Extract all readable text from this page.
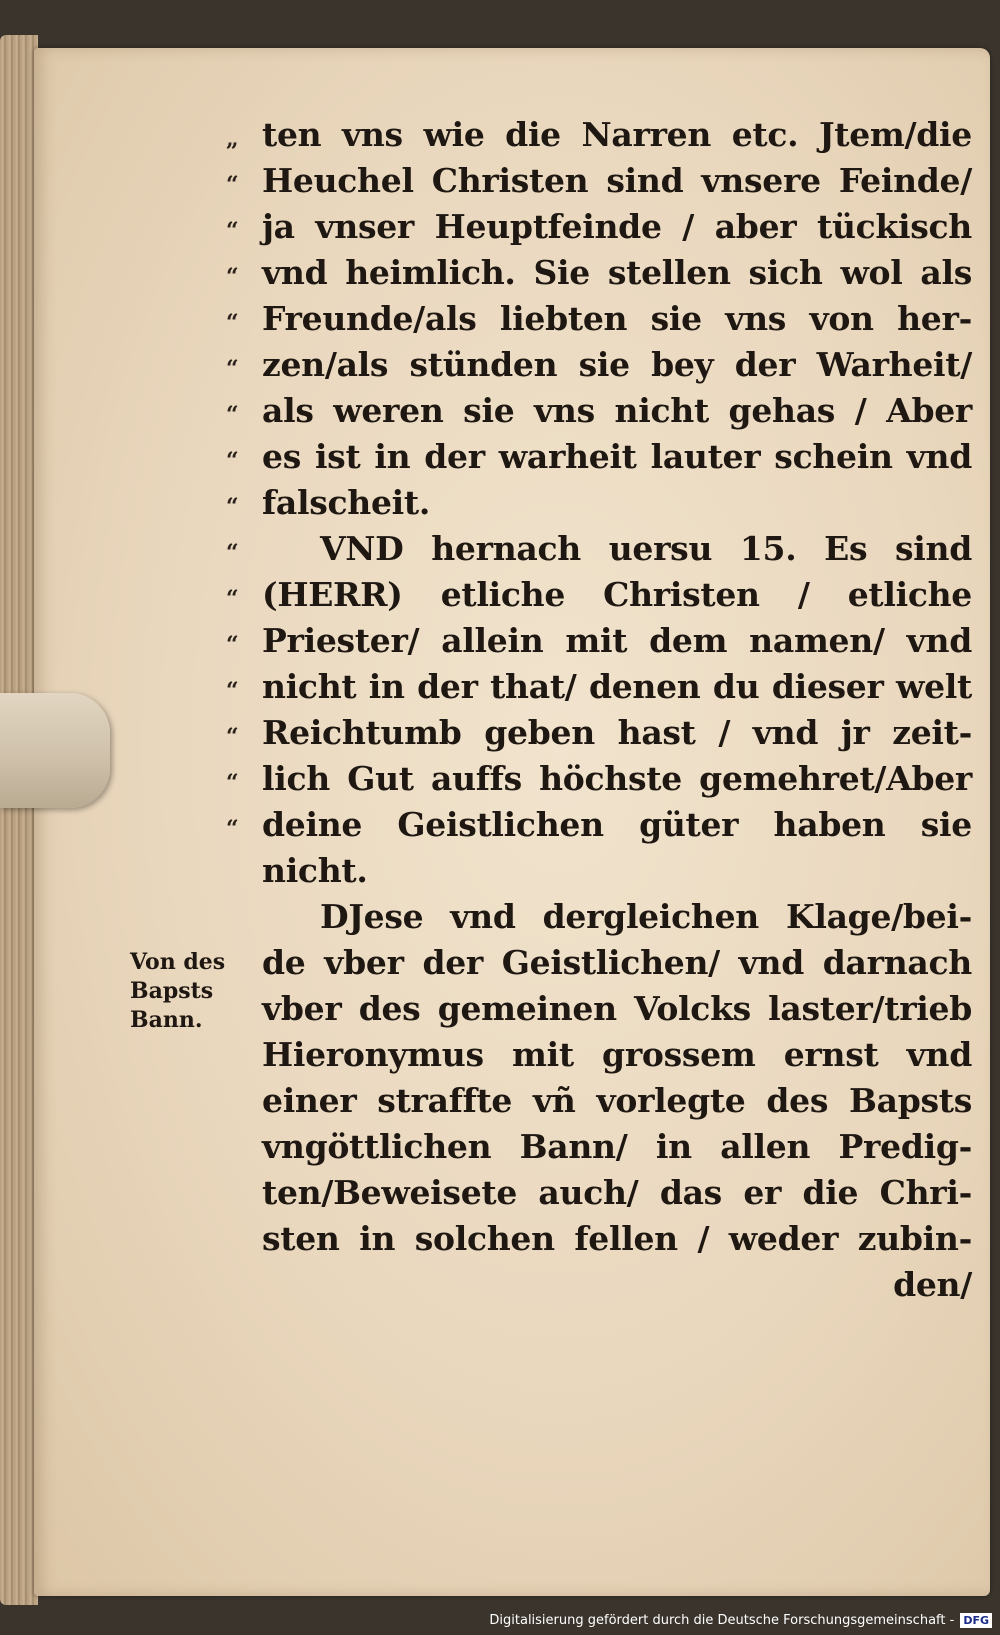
Von des
Bapsts
Bann.
„ ten vns wie die Narren etc. Jtem/die
“ Heuchel Christen sind vnsere Feinde/
“ ja vnser Heuptfeinde / aber tückisch
“ vnd heimlich. Sie stellen sich wol als
“ Freunde/als liebten sie vns von her-
“ zen/als stünden sie bey der Warheit/
“ als weren sie vns nicht gehas / Aber
“ es ist in der warheit lauter schein vnd
“ falscheit.
“	VND hernach uersu 15. Es sind
“ (HERR) etliche Christen / etliche
“ Priester/ allein mit dem namen/ vnd
“ nicht in der that/ denen du dieser welt
“ Reichtumb geben hast / vnd jr zeit-
“ lich Gut auffs höchste gemehret/Aber
“ deine Geistlichen güter haben sie
nicht.
DJese vnd dergleichen Klage/bei-
de vber der Geistlichen/ vnd darnach
vber des gemeinen Volcks laster/trieb
Hieronymus mit grossem ernst vnd
einer straffte vñ vorlegte des Bapsts
vngöttlichen Bann/ in allen Predig-
ten/Beweisete auch/ das er die Chri-
sten in solchen fellen / weder zubin-
den/
Digitalisierung gefördert durch die Deutsche Forschungsgemeinschaft - DFG
